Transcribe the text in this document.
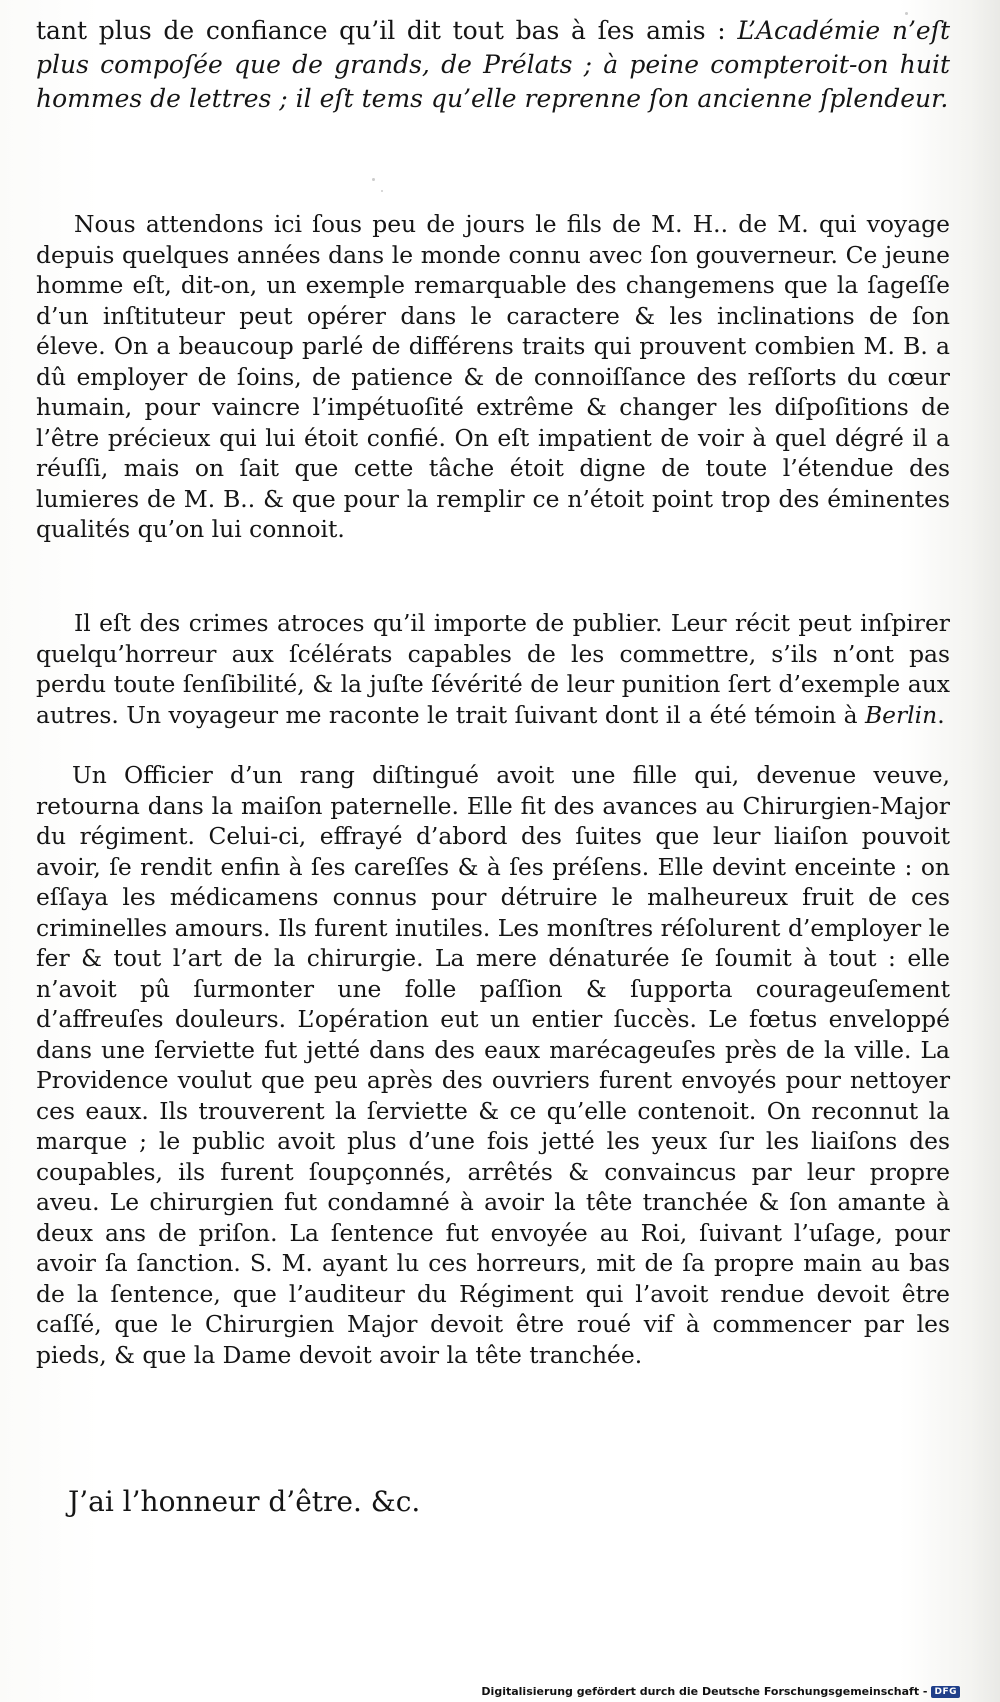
tant plus de confiance qu’il dit tout bas à ſes amis : L’Académie n’eſt plus compoſée que de grands, de Prélats ; à peine compteroit-on huit hommes de lettres ; il eſt tems qu’elle reprenne ſon ancienne ſplendeur.
Nous attendons ici ſous peu de jours le fils de M. H.. de M. qui voyage depuis quelques années dans le monde connu avec ſon gouverneur. Ce jeune homme eſt, dit-on, un exemple remarquable des changemens que la ſageſſe d’un inſtituteur peut opérer dans le caractere & les inclinations de ſon éleve. On a beaucoup parlé de différens traits qui prouvent combien M. B. a dû employer de ſoins, de patience & de connoiſſance des reſſorts du cœur humain, pour vaincre l’impétuoſité extrême & changer les diſpoſitions de l’être précieux qui lui étoit confié. On eſt impatient de voir à quel dégré il a réuſſi, mais on ſait que cette tâche étoit digne de toute l’étendue des lumieres de M. B.. & que pour la remplir ce n’étoit point trop des éminentes qualités qu’on lui connoit.
Il eſt des crimes atroces qu’il importe de publier. Leur récit peut inſpirer quelqu’horreur aux ſcélérats capables de les commettre, s’ils n’ont pas perdu toute ſenſibilité, & la juſte ſévérité de leur punition ſert d’exemple aux autres. Un voyageur me raconte le trait ſuivant dont il a été témoin à Berlin.
Un Officier d’un rang diſtingué avoit une fille qui, devenue veuve, retourna dans la maiſon paternelle. Elle fit des avances au Chirurgien-Major du régiment. Celui-ci, effrayé d’abord des ſuites que leur liaiſon pouvoit avoir, ſe rendit enfin à ſes careſſes & à ſes préſens. Elle devint enceinte : on eſſaya les médicamens connus pour détruire le malheureux fruit de ces criminelles amours. Ils furent inutiles. Les monſtres réſolurent d’employer le fer & tout l’art de la chirurgie. La mere dénaturée ſe ſoumit à tout : elle n’avoit pû ſurmonter une folle paſſion & ſupporta courageuſement d’affreuſes douleurs. L’opération eut un entier ſuccès. Le fœtus enveloppé dans une ſerviette fut jetté dans des eaux marécageuſes près de la ville. La Providence voulut que peu après des ouvriers furent envoyés pour nettoyer ces eaux. Ils trouverent la ſerviette & ce qu’elle contenoit. On reconnut la marque ; le public avoit plus d’une fois jetté les yeux ſur les liaiſons des coupables, ils furent ſoupçonnés, arrêtés & convaincus par leur propre aveu. Le chirurgien fut condamné à avoir la tête tranchée & ſon amante à deux ans de priſon. La ſentence fut envoyée au Roi, ſuivant l’uſage, pour avoir ſa ſanction. S. M. ayant lu ces horreurs, mit de ſa propre main au bas de la ſentence, que l’auditeur du Régiment qui l’avoit rendue devoit être caſſé, que le Chirurgien Major devoit être roué vif à commencer par les pieds, & que la Dame devoit avoir la tête tranchée.
J’ai l’honneur d’être. &c.
Digitalisierung gefördert durch die Deutsche Forschungsgemeinschaft - DFG
